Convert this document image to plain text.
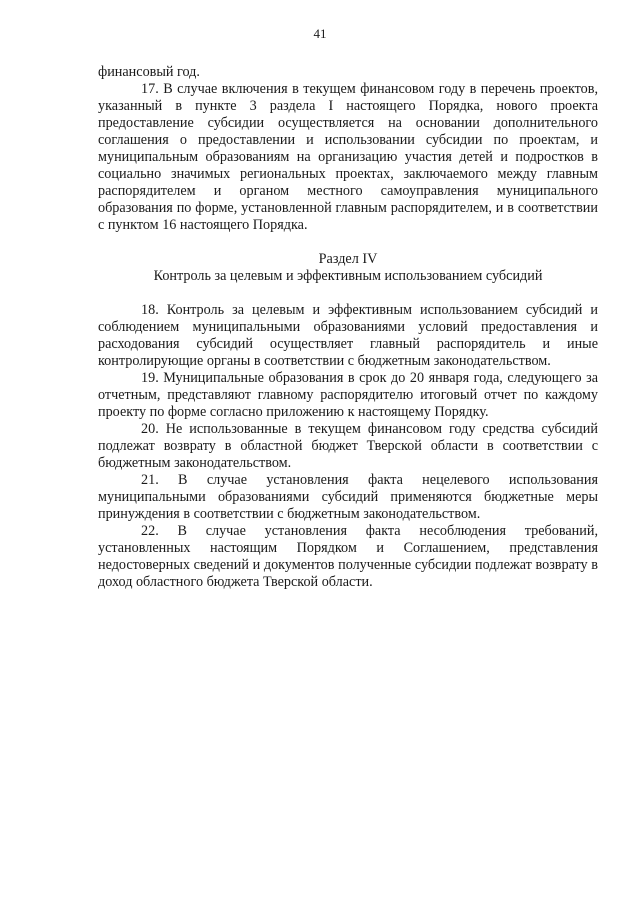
41

финансовый год.

17. В случае включения в текущем финансовом году в перечень проектов, указанный в пункте 3 раздела I настоящего Порядка, нового проекта предоставление субсидии осуществляется на основании дополнительного соглашения о предоставлении и использовании субсидии по проектам, и муниципальным образованиям на организацию участия детей и подростков в социально значимых региональных проектах, заключаемого между главным распорядителем и органом местного самоуправления муниципального образования по форме, установленной главным распорядителем, и в соответствии с пунктом 16 настоящего Порядка.

Раздел IV
Контроль за целевым и эффективным использованием субсидий

18. Контроль за целевым и эффективным использованием субсидий и соблюдением муниципальными образованиями условий предоставления и расходования субсидий осуществляет главный распорядитель и иные контролирующие органы в соответствии с бюджетным законодательством.

19. Муниципальные образования в срок до 20 января года, следующего за отчетным, представляют главному распорядителю итоговый отчет по каждому проекту по форме согласно приложению к настоящему Порядку.

20. Не использованные в текущем финансовом году средства субсидий подлежат возврату в областной бюджет Тверской области в соответствии с бюджетным законодательством.

21. В случае установления факта нецелевого использования муниципальными образованиями субсидий применяются бюджетные меры принуждения в соответствии с бюджетным законодательством.

22. В случае установления факта несоблюдения требований, установленных настоящим Порядком и Соглашением, представления недостоверных сведений и документов полученные субсидии подлежат возврату в доход областного бюджета Тверской области.
